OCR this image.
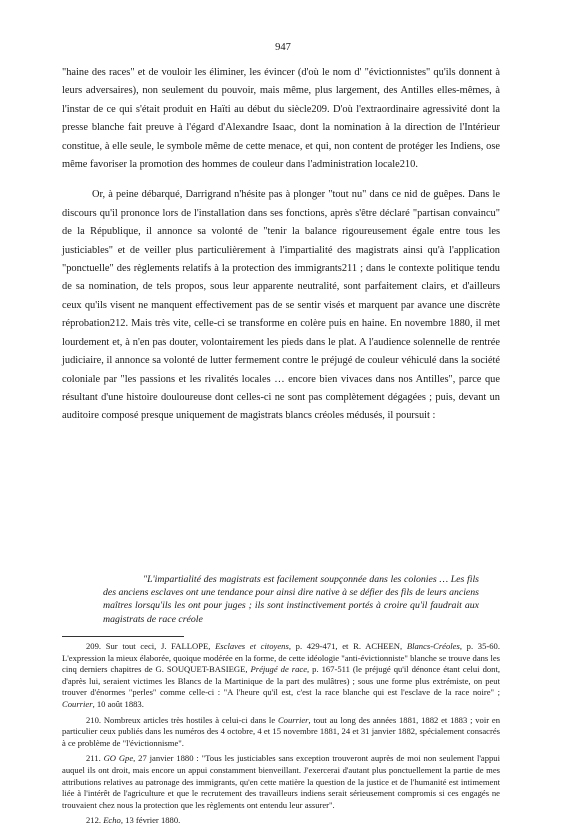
947

"haine des races" et de vouloir les éliminer, les évincer (d'où le nom d' "évictionnistes" qu'ils donnent à leurs adversaires), non seulement du pouvoir, mais même, plus largement, des Antilles elles-mêmes, à l'instar de ce qui s'était produit en Haïti au début du siècle209. D'où l'extraordinaire agressivité dont la presse blanche fait preuve à l'égard d'Alexandre Isaac, dont la nomination à la direction de l'Intérieur constitue, à elle seule, le symbole même de cette menace, et qui, non content de protéger les Indiens, ose même favoriser la promotion des hommes de couleur dans l'administration locale210.

Or, à peine débarqué, Darrigrand n'hésite pas à plonger "tout nu" dans ce nid de guêpes. Dans le discours qu'il prononce lors de l'installation dans ses fonctions, après s'être déclaré "partisan convaincu" de la République, il annonce sa volonté de "tenir la balance rigoureusement égale entre tous les justiciables" et de veiller plus particulièrement à l'impartialité des magistrats ainsi qu'à l'application "ponctuelle" des règlements relatifs à la protection des immigrants211 ; dans le contexte politique tendu de sa nomination, de tels propos, sous leur apparente neutralité, sont parfaitement clairs, et d'ailleurs ceux qu'ils visent ne manquent effectivement pas de se sentir visés et marquent par avance une discrète réprobation212. Mais très vite, celle-ci se transforme en colère puis en haine. En novembre 1880, il met lourdement et, à n'en pas douter, volontairement les pieds dans le plat. A l'audience solennelle de rentrée judiciaire, il annonce sa volonté de lutter fermement contre le préjugé de couleur véhiculé dans la société coloniale par "les passions et les rivalités locales … encore bien vivaces dans nos Antilles", parce que résultant d'une histoire douloureuse dont celles-ci ne sont pas complètement dégagées ; puis, devant un auditoire composé presque uniquement de magistrats blancs créoles médusés, il poursuit :

"L'impartialité des magistrats est facilement soupçonnée dans les colonies … Les fils des anciens esclaves ont une tendance pour ainsi dire native à se défier des fils de leurs anciens maîtres lorsqu'ils les ont pour juges ; ils sont instinctivement portés à croire qu'il faudrait aux magistrats de race créole

209. Sur tout ceci, J. FALLOPE, Esclaves et citoyens, p. 429-471, et R. ACHEEN, Blancs-Créoles, p. 35-60. L'expression la mieux élaborée, quoique modérée en la forme, de cette idéologie "anti-évictionniste" blanche se trouve dans les cinq derniers chapitres de G. SOUQUET-BASIEGE, Préjugé de race, p. 167-511 (le préjugé qu'il dénonce étant celui dont, d'après lui, seraient victimes les Blancs de la Martinique de la part des mulâtres) ; sous une forme plus extrémiste, on peut trouver d'énormes "perles" comme celle-ci : "A l'heure qu'il est, c'est la race blanche qui est l'esclave de la race noire" ; Courrier, 10 août 1883.

210. Nombreux articles très hostiles à celui-ci dans le Courrier, tout au long des années 1881, 1882 et 1883 ; voir en particulier ceux publiés dans les numéros des 4 octobre, 4 et 15 novembre 1881, 24 et 31 janvier 1882, spécialement consacrés à ce problème de "l'évictionnisme".

211. GO Gpe, 27 janvier 1880 : "Tous les justiciables sans exception trouveront auprès de moi non seulement l'appui auquel ils ont droit, mais encore un appui constamment bienveillant. J'exercerai d'autant plus ponctuellement la partie de mes attributions relatives au patronage des immigrants, qu'en cette matière la question de la justice et de l'humanité est intimement liée à l'intérêt de l'agriculture et que le recrutement des travailleurs indiens serait sérieusement compromis si ces engagés ne trouvaient chez nous la protection que les règlements ont entendu leur assurer".

212. Echo, 13 février 1880.
